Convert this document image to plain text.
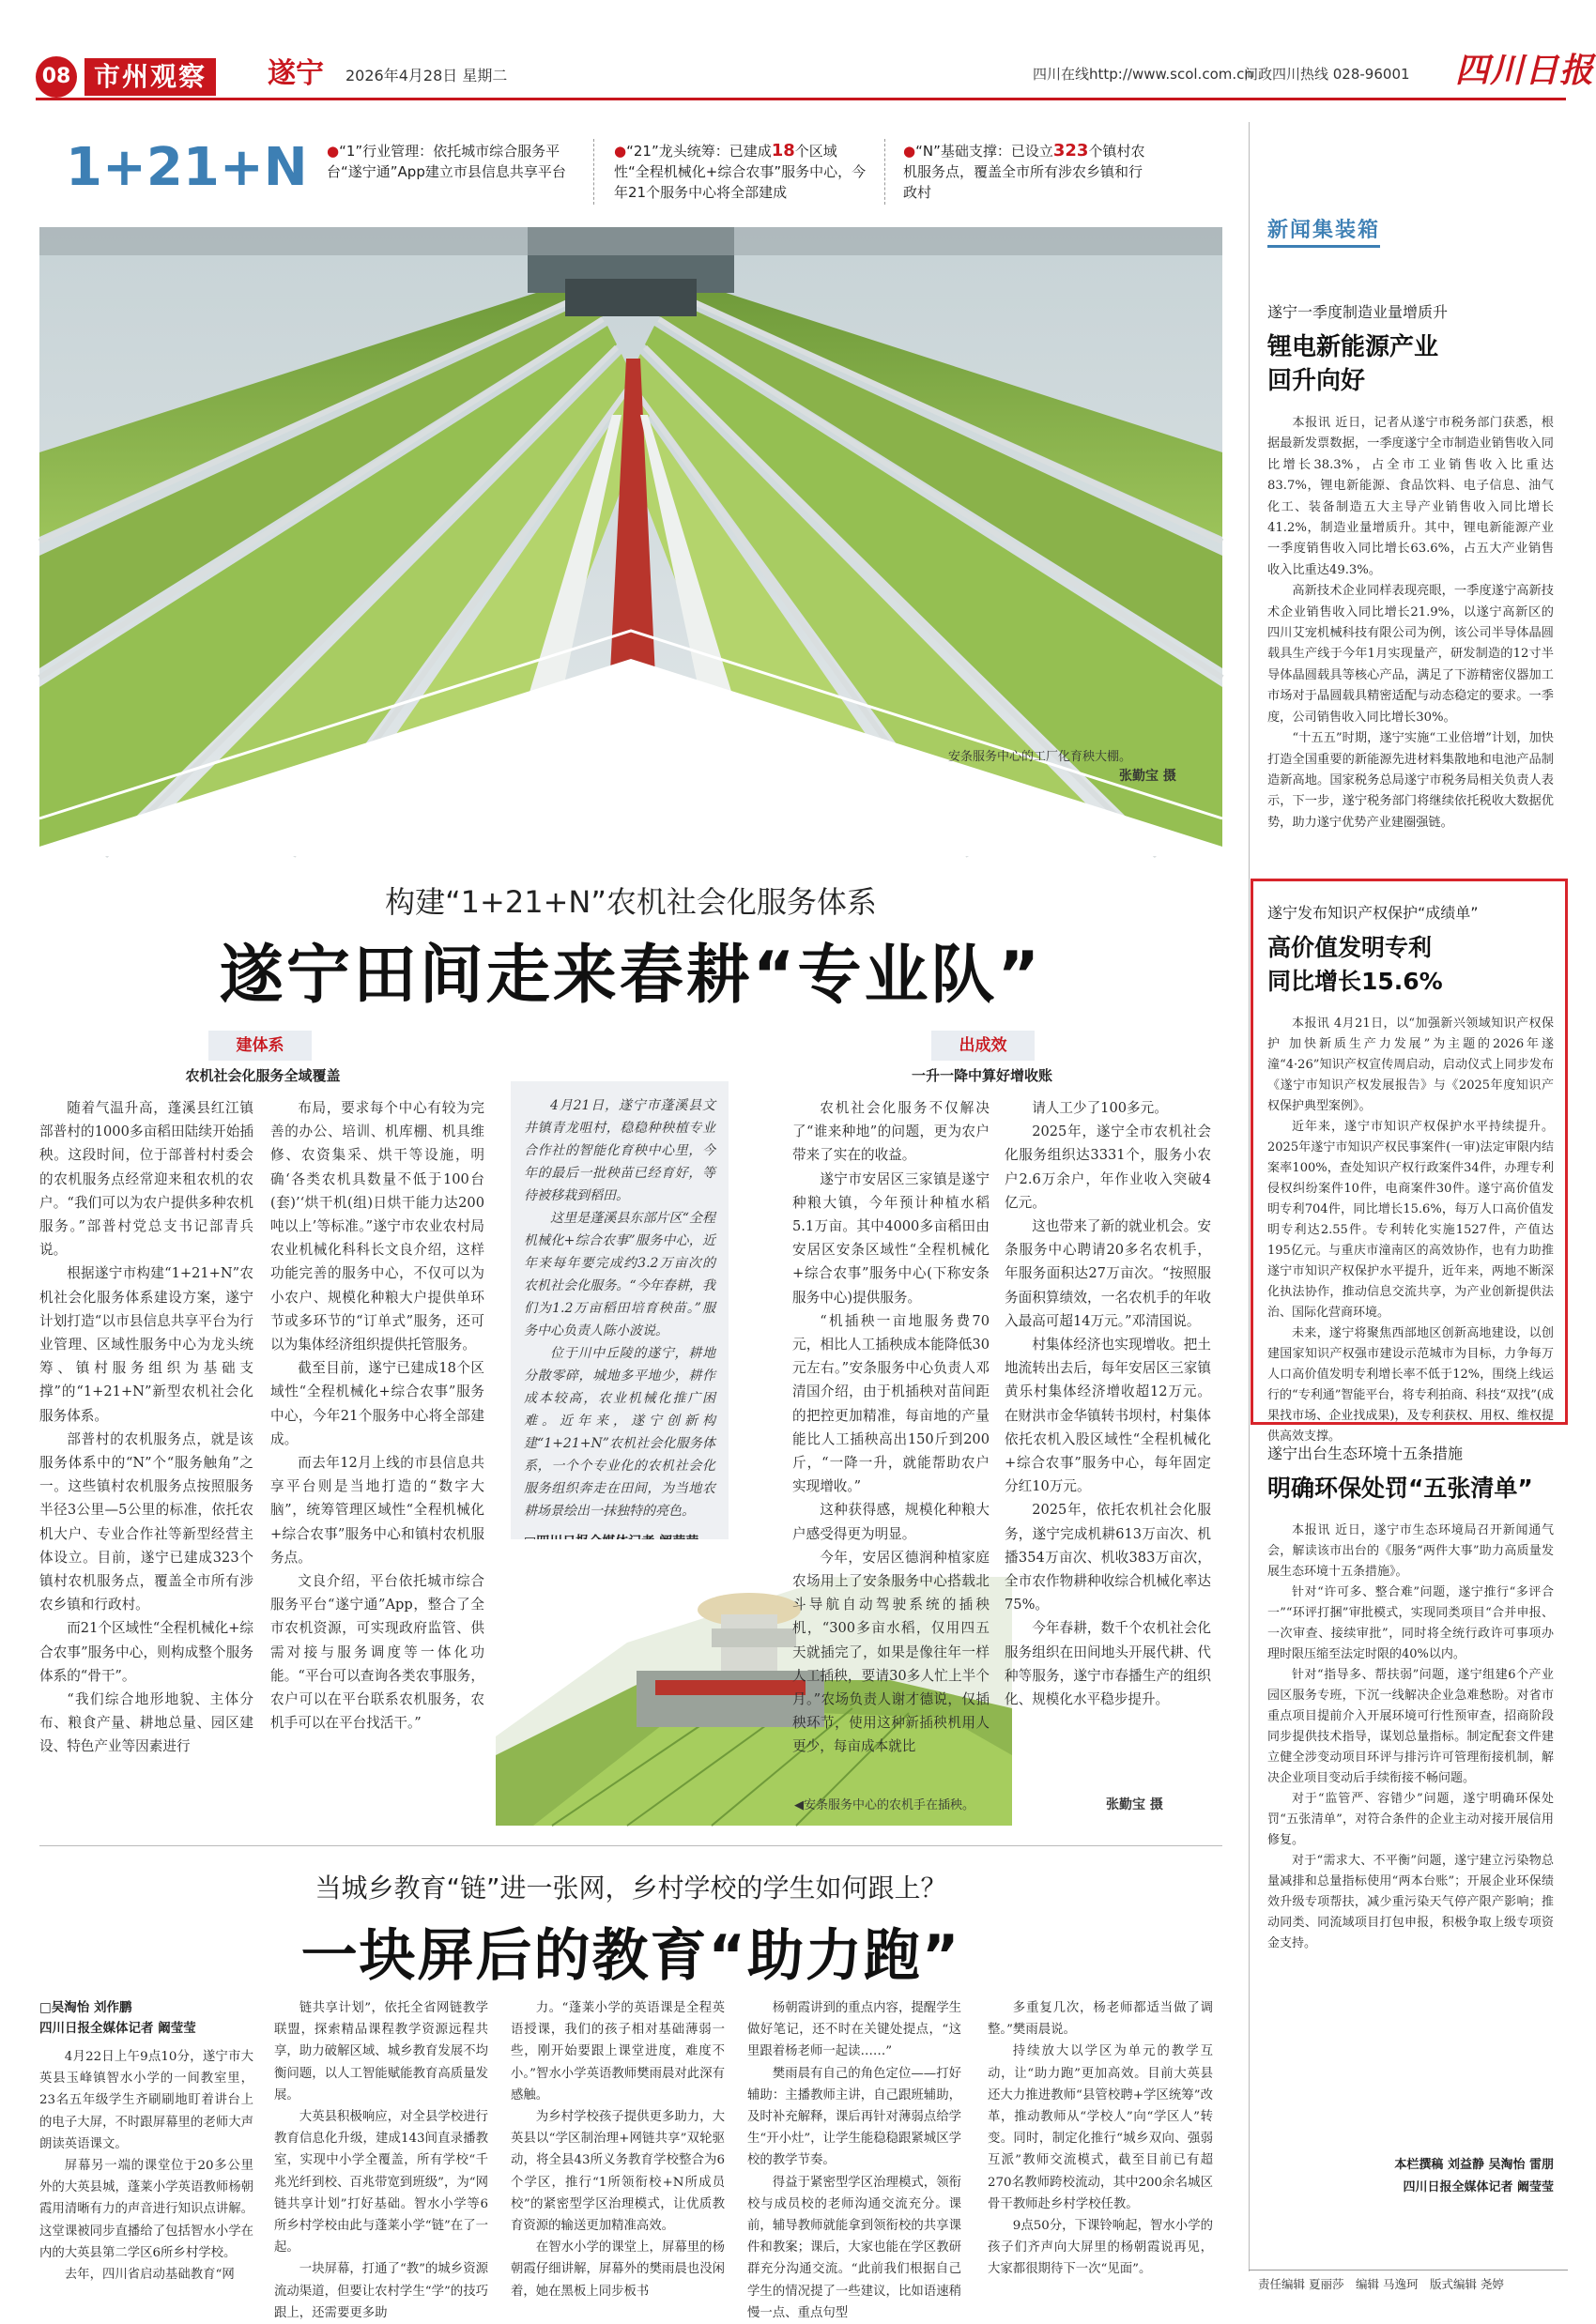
08 市州观察	遂宁 2026年4月28日 星期二	四川在线http://www.scol.com.cn
问政四川热线 028-96001 四川日报
1+21+N ●“1”行业管理：依托城市综合服务平台“遂宁通”App建立市县信息共享平台
●“21”龙头统筹：已建成18个区域性“全程机械化+综合农事”服务中心，今年21个服务中心将全部建成
●“N”基础支撑：已设立323个镇村农机服务点，覆盖全市所有涉农乡镇和行政村
安条服务中心的工厂化育秧大棚。
张勤宝 摄
构建“1+21+N”农机社会化服务体系
遂宁田间走来春耕“专业队”
建体系
农机社会化服务全域覆盖

随着气温升高，蓬溪县红江镇部普村的1000多亩稻田陆续开始插秧。这段时间，位于部普村村委会的农机服务点经常迎来租农机的农户。“我们可以为农户提供多种农机服务。”部普村党总支书记部青兵说。

根据遂宁市构建“1+21+N”农机社会化服务体系建设方案，遂宁计划打造“以市县信息共享平台为行业管理、区域性服务中心为龙头统筹、镇村服务组织为基础支撑”的“1+21+N”新型农机社会化服务体系。

部普村的农机服务点，就是该服务体系中的“N”个“服务触角”之一。这些镇村农机服务点按照服务半径3公里—5公里的标准，依托农机大户、专业合作社等新型经营主体设立。目前，遂宁已建成323个镇村农机服务点，覆盖全市所有涉农乡镇和行政村。

而21个区域性“全程机械化+综合农事”服务中心，则构成整个服务体系的“骨干”。

“我们综合地形地貌、主体分布、粮食产量、耕地总量、园区建设、特色产业等因素进行

布局，要求每个中心有较为完善的办公、培训、机库棚、机具维修、农资集采、烘干等设施，明确‘各类农机具数量不低于100台(套)’‘烘干机(组)日烘干能力达200吨以上’等标准。”遂宁市农业农村局农业机械化科科长文良介绍，这样功能完善的服务中心，不仅可以为小农户、规模化种粮大户提供单环节或多环节的“订单式”服务，还可以为集体经济组织提供托管服务。

截至目前，遂宁已建成18个区域性“全程机械化+综合农事”服务中心，今年21个服务中心将全部建成。

而去年12月上线的市县信息共享平台则是当地打造的“数字大脑”，统筹管理区域性“全程机械化+综合农事”服务中心和镇村农机服务点。

文良介绍，平台依托城市综合服务平台“遂宁通”App，整合了全市农机资源，可实现政府监管、供需对接与服务调度等一体化功能。“平台可以查询各类农事服务，农户可以在平台联系农机服务，农机手可以在平台找活干。”

4月21日，遂宁市蓬溪县文井镇青龙咀村，稳稳种秧植专业合作社的智能化育秧中心里，今年的最后一批秧苗已经育好，等待被移栽到稻田。

这里是蓬溪县东部片区“全程机械化+综合农事”服务中心，近年来每年要完成约3.2万亩次的农机社会化服务。“今年春耕，我们为1.2万亩稻田培育秧苗。”服务中心负责人陈小波说。

位于川中丘陵的遂宁，耕地分散零碎，城地多平地少，耕作成本较高，农业机械化推广困难。近年来，遂宁创新构建“1+21+N”农机社会化服务体系，一个个专业化的农机社会化服务组织奔走在田间，为当地农耕场景绘出一抹独特的亮色。

◀安条服务中心的农机手在插秧。	张勤宝 摄
出成效
一升一降中算好增收账

农机社会化服务不仅解决了“谁来种地”的问题，更为农户带来了实在的收益。

遂宁市安居区三家镇是遂宁种粮大镇，今年预计种植水稻5.1万亩。其中4000多亩稻田由安居区安条区域性“全程机械化+综合农事”服务中心(下称安条服务中心)提供服务。

“机插秧一亩地服务费70元，相比人工插秧成本能降低30元左右。”安条服务中心负责人邓清国介绍，由于机插秧对苗间距的把控更加精准，每亩地的产量能比人工插秧高出150斤到200斤，“一降一升，就能帮助农户实现增收。”

这种获得感，规模化种粮大户感受得更为明显。

今年，安居区德润种植家庭农场用上了安条服务中心搭载北斗导航自动驾驶系统的插秧机，“300多亩水稻，仅用四五天就插完了，如果是像往年一样人工插秧，要请30多人忙上半个月。”农场负责人谢才德说，仅插秧环节，使用这种新插秧机用人更少，每亩成本就比

请人工少了100多元。

2025年，遂宁全市农机社会化服务组织达3331个，服务小农户2.6万余户，年作业收入突破4亿元。

这也带来了新的就业机会。安条服务中心聘请20多名农机手，年服务面积达27万亩次。“按照服务面积算绩效，一名农机手的年收入最高可超14万元。”邓清国说。

村集体经济也实现增收。把土地流转出去后，每年安居区三家镇黄乐村集体经济增收超12万元。在财洪市金华镇转书坝村，村集体依托农机入股区域性“全程机械化+综合农事”服务中心，每年固定分红10万元。

2025年，依托农机社会化服务，遂宁完成机耕613万亩次、机播354万亩次、机收383万亩次，全市农作物耕种收综合机械化率达75%。

今年春耕，数千个农机社会化服务组织在田间地头开展代耕、代种等服务，遂宁市春播生产的组织化、规模化水平稳步提升。

新闻集装箱
遂宁一季度制造业量增质升
锂电新能源产业
回升向好

本报讯 近日，记者从遂宁市税务部门获悉，根据最新发票数据，一季度遂宁全市制造业销售收入同比增长38.3%，占全市工业销售收入比重达83.7%，锂电新能源、食品饮料、电子信息、油气化工、装备制造五大主导产业销售收入同比增长41.2%，制造业量增质升。其中，锂电新能源产业一季度销售收入同比增长63.6%，占五大产业销售收入比重达49.3%。

高新技术企业同样表现亮眼，一季度遂宁高新技术企业销售收入同比增长21.9%，以遂宁高新区的四川艾宠机械科技有限公司为例，该公司半导体晶圆载具生产线于今年1月实现量产，研发制造的12寸半导体晶圆载具等核心产品，满足了下游精密仪器加工市场对于晶圆载具精密适配与动态稳定的要求。一季度，公司销售收入同比增长30%。

“十五五”时期，遂宁实施“工业倍增”计划，加快打造全国重要的新能源先进材料集散地和电池产品制造新高地。国家税务总局遂宁市税务局相关负责人表示，下一步，遂宁税务部门将继续依托税收大数据优势，助力遂宁优势产业建圈强链。

遂宁发布知识产权保护“成绩单”
高价值发明专利
同比增长15.6%

本报讯 4月21日，以“加强新兴领域知识产权保护 加快新质生产力发展”为主题的2026年遂潼“4·26”知识产权宣传周启动，启动仪式上同步发布《遂宁市知识产权发展报告》与《2025年度知识产权保护典型案例》。

近年来，遂宁市知识产权保护水平持续提升。2025年遂宁市知识产权民事案件(一审)法定审限内结案率100%，查处知识产权行政案件34件，办理专利侵权纠纷案件10件，电商案件30件。遂宁高价值发明专利704件，同比增长15.6%，每万人口高价值发明专利达2.55件。专利转化实施1527件，产值达195亿元。与重庆市潼南区的高效协作，也有力助推遂宁市知识产权保护水平提升，近年来，两地不断深化执法协作，推动信息交流共享，为产业创新提供法治、国际化营商环境。

未来，遂宁将聚焦西部地区创新高地建设，以创建国家知识产权强市建设示范城市为目标，力争每万人口高价值发明专利增长率不低于12%，围绕上线运行的“专利通”智能平台，将专利拍商、科技“双找”(成果找市场、企业找成果)，及专利获权、用权、维权提供高效支撑。

遂宁出台生态环境十五条措施
明确环保处罚“五张清单”

本报讯 近日，遂宁市生态环境局召开新闻通气会，解读该市出台的《服务“两件大事”助力高质量发展生态环境十五条措施》。

针对“许可多、整合难”问题，遂宁推行“多评合一”“环评打捆”审批模式，实现同类项目“合并申报、一次审查、接续审批”，同时将全统行政许可事项办理时限压缩至法定时限的40%以内。

针对“指导多、帮扶弱”问题，遂宁组建6个产业园区服务专班，下沉一线解决企业急难愁盼。对省市重点项目提前介入开展环境可行性预审查，招商阶段同步提供技术指导，谋划总量指标。制定配套文件建立健全涉变动项目环评与排污许可管理衔接机制，解决企业项目变动后手续衔接不畅问题。

对于“监管严、容错少”问题，遂宁明确环保处罚“五张清单”，对符合条件的企业主动对接开展信用修复。

对于“需求大、不平衡”问题，遂宁建立污染物总量减排和总量指标使用“两本台账”；开展企业环保绩效升级专项帮扶，减少重污染天气停产限产影响；推动同类、同流域项目打包申报，积极争取上级专项资金支持。

本栏撰稿 刘益静 吴淘怡 雷朋
四川日报全媒体记者 阚莹莹
当城乡教育“链”进一张网，乡村学校的学生如何跟上？
一块屏后的教育“助力跑”
□吴淘怡 刘作鹏
四川日报全媒体记者 阚莹莹

4月22日上午9点10分，遂宁市大英县玉峰镇智水小学的一间教室里，23名五年级学生齐刷刷地盯着讲台上的电子大屏，不时跟屏幕里的老师大声朗读英语课文。

屏幕另一端的课堂位于20多公里外的大英县城，蓬莱小学英语教师杨朝霞用清晰有力的声音进行知识点讲解。这堂课被同步直播给了包括智水小学在内的大英县第二学区6所乡村学校。

去年，四川省启动基础教育“网

链共享计划”，依托全省网链教学联盟，探索精品课程教学资源远程共享，助力破解区域、城乡教育发展不均衡问题，以人工智能赋能教育高质量发展。

大英县积极响应，对全县学校进行教育信息化升级，建成143间直录播教室，实现中小学全覆盖，所有学校“千兆光纤到校、百兆带宽到班级”，为“网链共享计划”打好基础。智水小学等6所乡村学校由此与蓬莱小学“链”在了一起。

一块屏幕，打通了“教”的城乡资源流动渠道，但要让农村学生“学”的技巧跟上，还需要更多助

力。“蓬莱小学的英语课是全程英语授课，我们的孩子相对基础薄弱一些，刚开始要跟上课堂进度，难度不小。”智水小学英语教师樊雨晨对此深有感触。

为乡村学校孩子提供更多助力，大英县以“学区制治理+网链共享”双轮驱动，将全县43所义务教育学校整合为6个学区，推行“1所领衔校+N所成员校”的紧密型学区治理模式，让优质教育资源的输送更加精准高效。

在智水小学的课堂上，屏幕里的杨朝霞仔细讲解，屏幕外的樊雨晨也没闲着，她在黑板上同步板书

杨朝霞讲到的重点内容，提醒学生做好笔记，还不时在关键处提点，“这里跟着杨老师一起读……”

樊雨晨有自己的角色定位——打好辅助：主播教师主讲，自己跟班辅助，及时补充解释，课后再针对薄弱点给学生“开小灶”，让学生能稳稳跟紧城区学校的教学节奏。

得益于紧密型学区治理模式，领衔校与成员校的老师沟通交流充分。课前，辅导教师就能拿到领衔校的共享课件和教案；课后，大家也能在学区教研群充分沟通交流。“此前我们根据自己学生的情况提了一些建议，比如语速稍慢一点、重点句型

多重复几次，杨老师都适当做了调整。”樊雨晨说。

持续放大以学区为单元的教学互动，让“助力跑”更加高效。目前大英县还大力推进教师“县管校聘+学区统筹”改革，推动教师从“学校人”向“学区人”转变。同时，制定化推行“城乡双向、强弱互派”教师交流模式，截至目前已有超270名教师跨校流动，其中200余名城区骨干教师赴乡村学校任教。

9点50分，下课铃响起，智水小学的孩子们齐声向大屏里的杨朝霞说再见，大家都很期待下一次“见面”。

责任编辑 夏丽莎　编辑 马逸珂　版式编辑 尧婷
